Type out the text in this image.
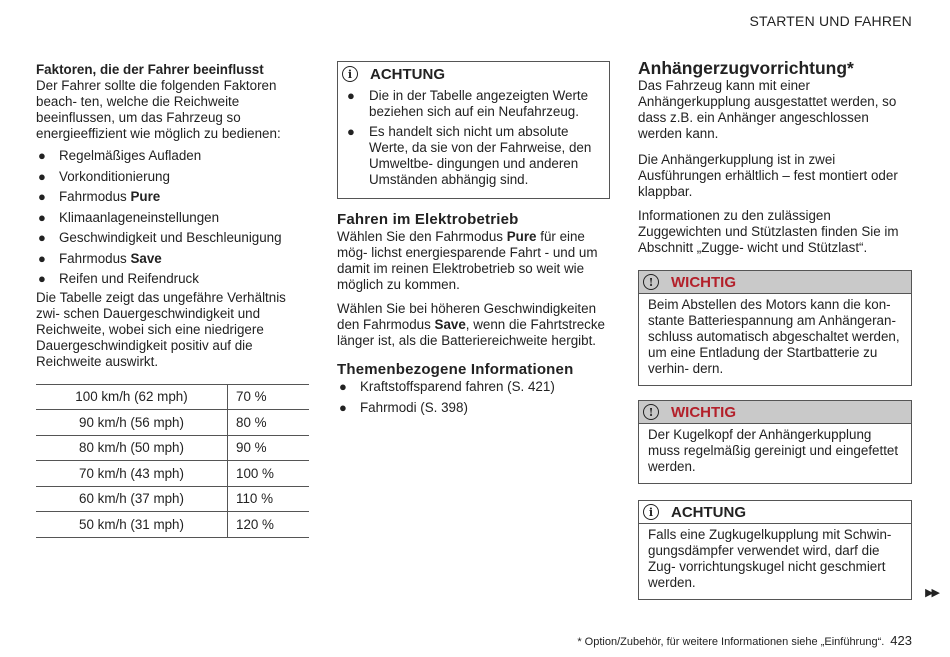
STARTEN UND FAHREN
Faktoren, die der Fahrer beeinflusst

Der Fahrer sollte die folgenden Faktoren beach- ten, welche die Reichweite beeinflussen, um das Fahrzeug so energieeffizient wie möglich zu bedienen:

● Regelmäßiges Aufladen
● Vorkonditionierung
● Fahrmodus Pure
● Klimaanlageneinstellungen
● Geschwindigkeit und Beschleunigung
● Fahrmodus Save
● Reifen und Reifendruck

Die Tabelle zeigt das ungefähre Verhältnis zwi- schen Dauergeschwindigkeit und Reichweite, wobei sich eine niedrigere Dauergeschwindigkeit positiv auf die Reichweite auswirkt.

100 km/h (62 mph)	70 %
90 km/h (56 mph)	80 %
80 km/h (50 mph)	90 %
70 km/h (43 mph)	100 %
60 km/h (37 mph)	110 %
50 km/h (31 mph)	120 %
i	ACHTUNG
● Die in der Tabelle angezeigten Werte beziehen sich auf ein Neufahrzeug.
● Es handelt sich nicht um absolute Werte, da sie von der Fahrweise, den Umweltbe- dingungen und anderen Umständen abhängig sind.
Fahren im Elektrobetrieb

Wählen Sie den Fahrmodus Pure für eine mög- lichst energiesparende Fahrt - und um damit im reinen Elektrobetrieb so weit wie möglich zu kommen.

Wählen Sie bei höheren Geschwindigkeiten den Fahrmodus Save, wenn die Fahrtstrecke länger ist, als die Batteriereichweite hergibt.

Themenbezogene Informationen
● Kraftstoffsparend fahren (S. 421)
● Fahrmodi (S. 398)
Anhängerzugvorrichtung*

Das Fahrzeug kann mit einer Anhängerkupplung ausgestattet werden, so dass z.B. ein Anhänger angeschlossen werden kann.

Die Anhängerkupplung ist in zwei Ausführungen erhältlich – fest montiert oder klappbar.

Informationen zu den zulässigen Zuggewichten und Stützlasten finden Sie im Abschnitt „Zugge- wicht und Stützlast“.

!	WICHTIG

Beim Abstellen des Motors kann die kon- stante Batteriespannung am Anhängeran- schluss automatisch abgeschaltet werden, um eine Entladung der Startbatterie zu verhin- dern.

!	WICHTIG

Der Kugelkopf der Anhängerkupplung muss regelmäßig gereinigt und eingefettet werden.

i	ACHTUNG

Falls eine Zugkugelkupplung mit Schwin- gungsdämpfer verwendet wird, darf die Zug- vorrichtungskugel nicht geschmiert werden.

▶▶
* Option/Zubehör, für weitere Informationen siehe „Einführung“. 423
